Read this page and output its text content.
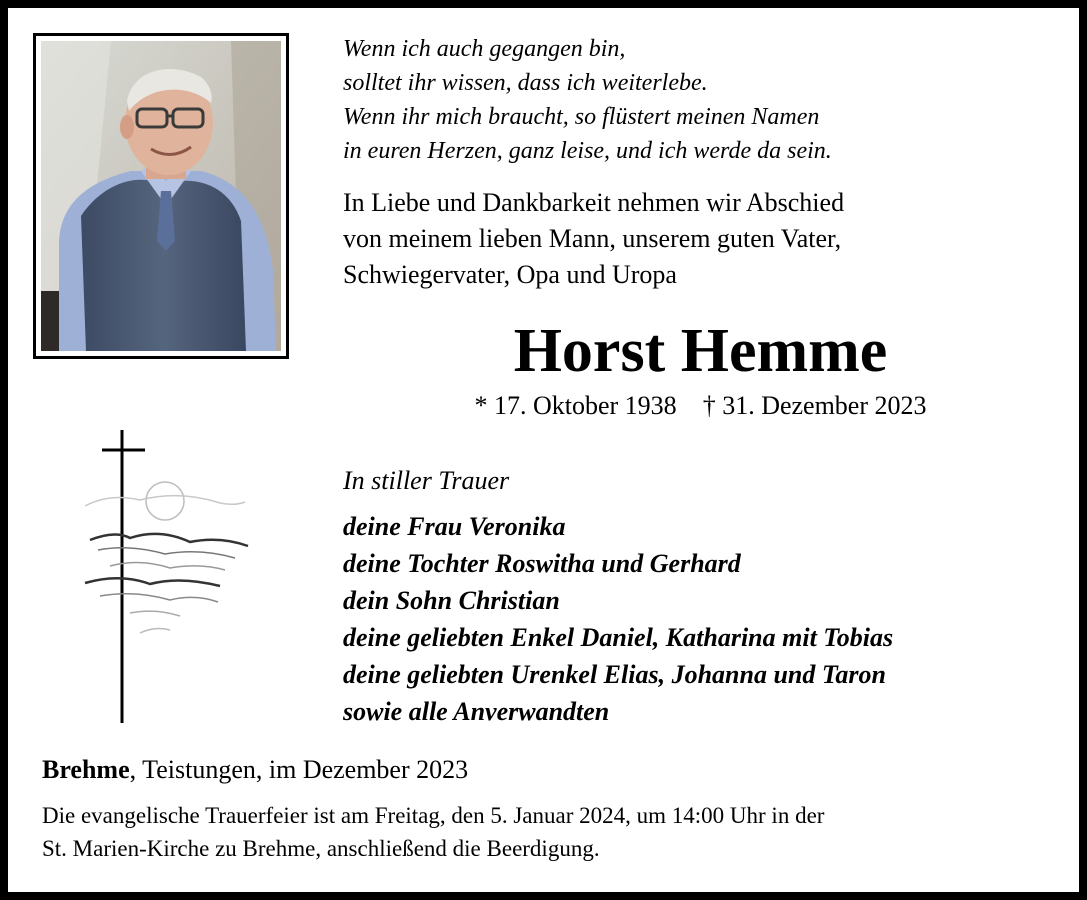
Wenn ich auch gegangen bin,
solltet ihr wissen, dass ich weiterlebe.
Wenn ihr mich braucht, so flüstert meinen Namen
in euren Herzen, ganz leise, und ich werde da sein.
In Liebe und Dankbarkeit nehmen wir Abschied
von meinem lieben Mann, unserem guten Vater,
Schwiegervater, Opa und Uropa
Horst Hemme
* 17. Oktober 1938 † 31. Dezember 2023
In stiller Trauer
deine Frau Veronika
deine Tochter Roswitha und Gerhard
dein Sohn Christian
deine geliebten Enkel Daniel, Katharina mit Tobias
deine geliebten Urenkel Elias, Johanna und Taron
sowie alle Anverwandten
Brehme, Teistungen, im Dezember 2023
Die evangelische Trauerfeier ist am Freitag, den 5. Januar 2024, um 14:00 Uhr in der
St. Marien-Kirche zu Brehme, anschließend die Beerdigung.
